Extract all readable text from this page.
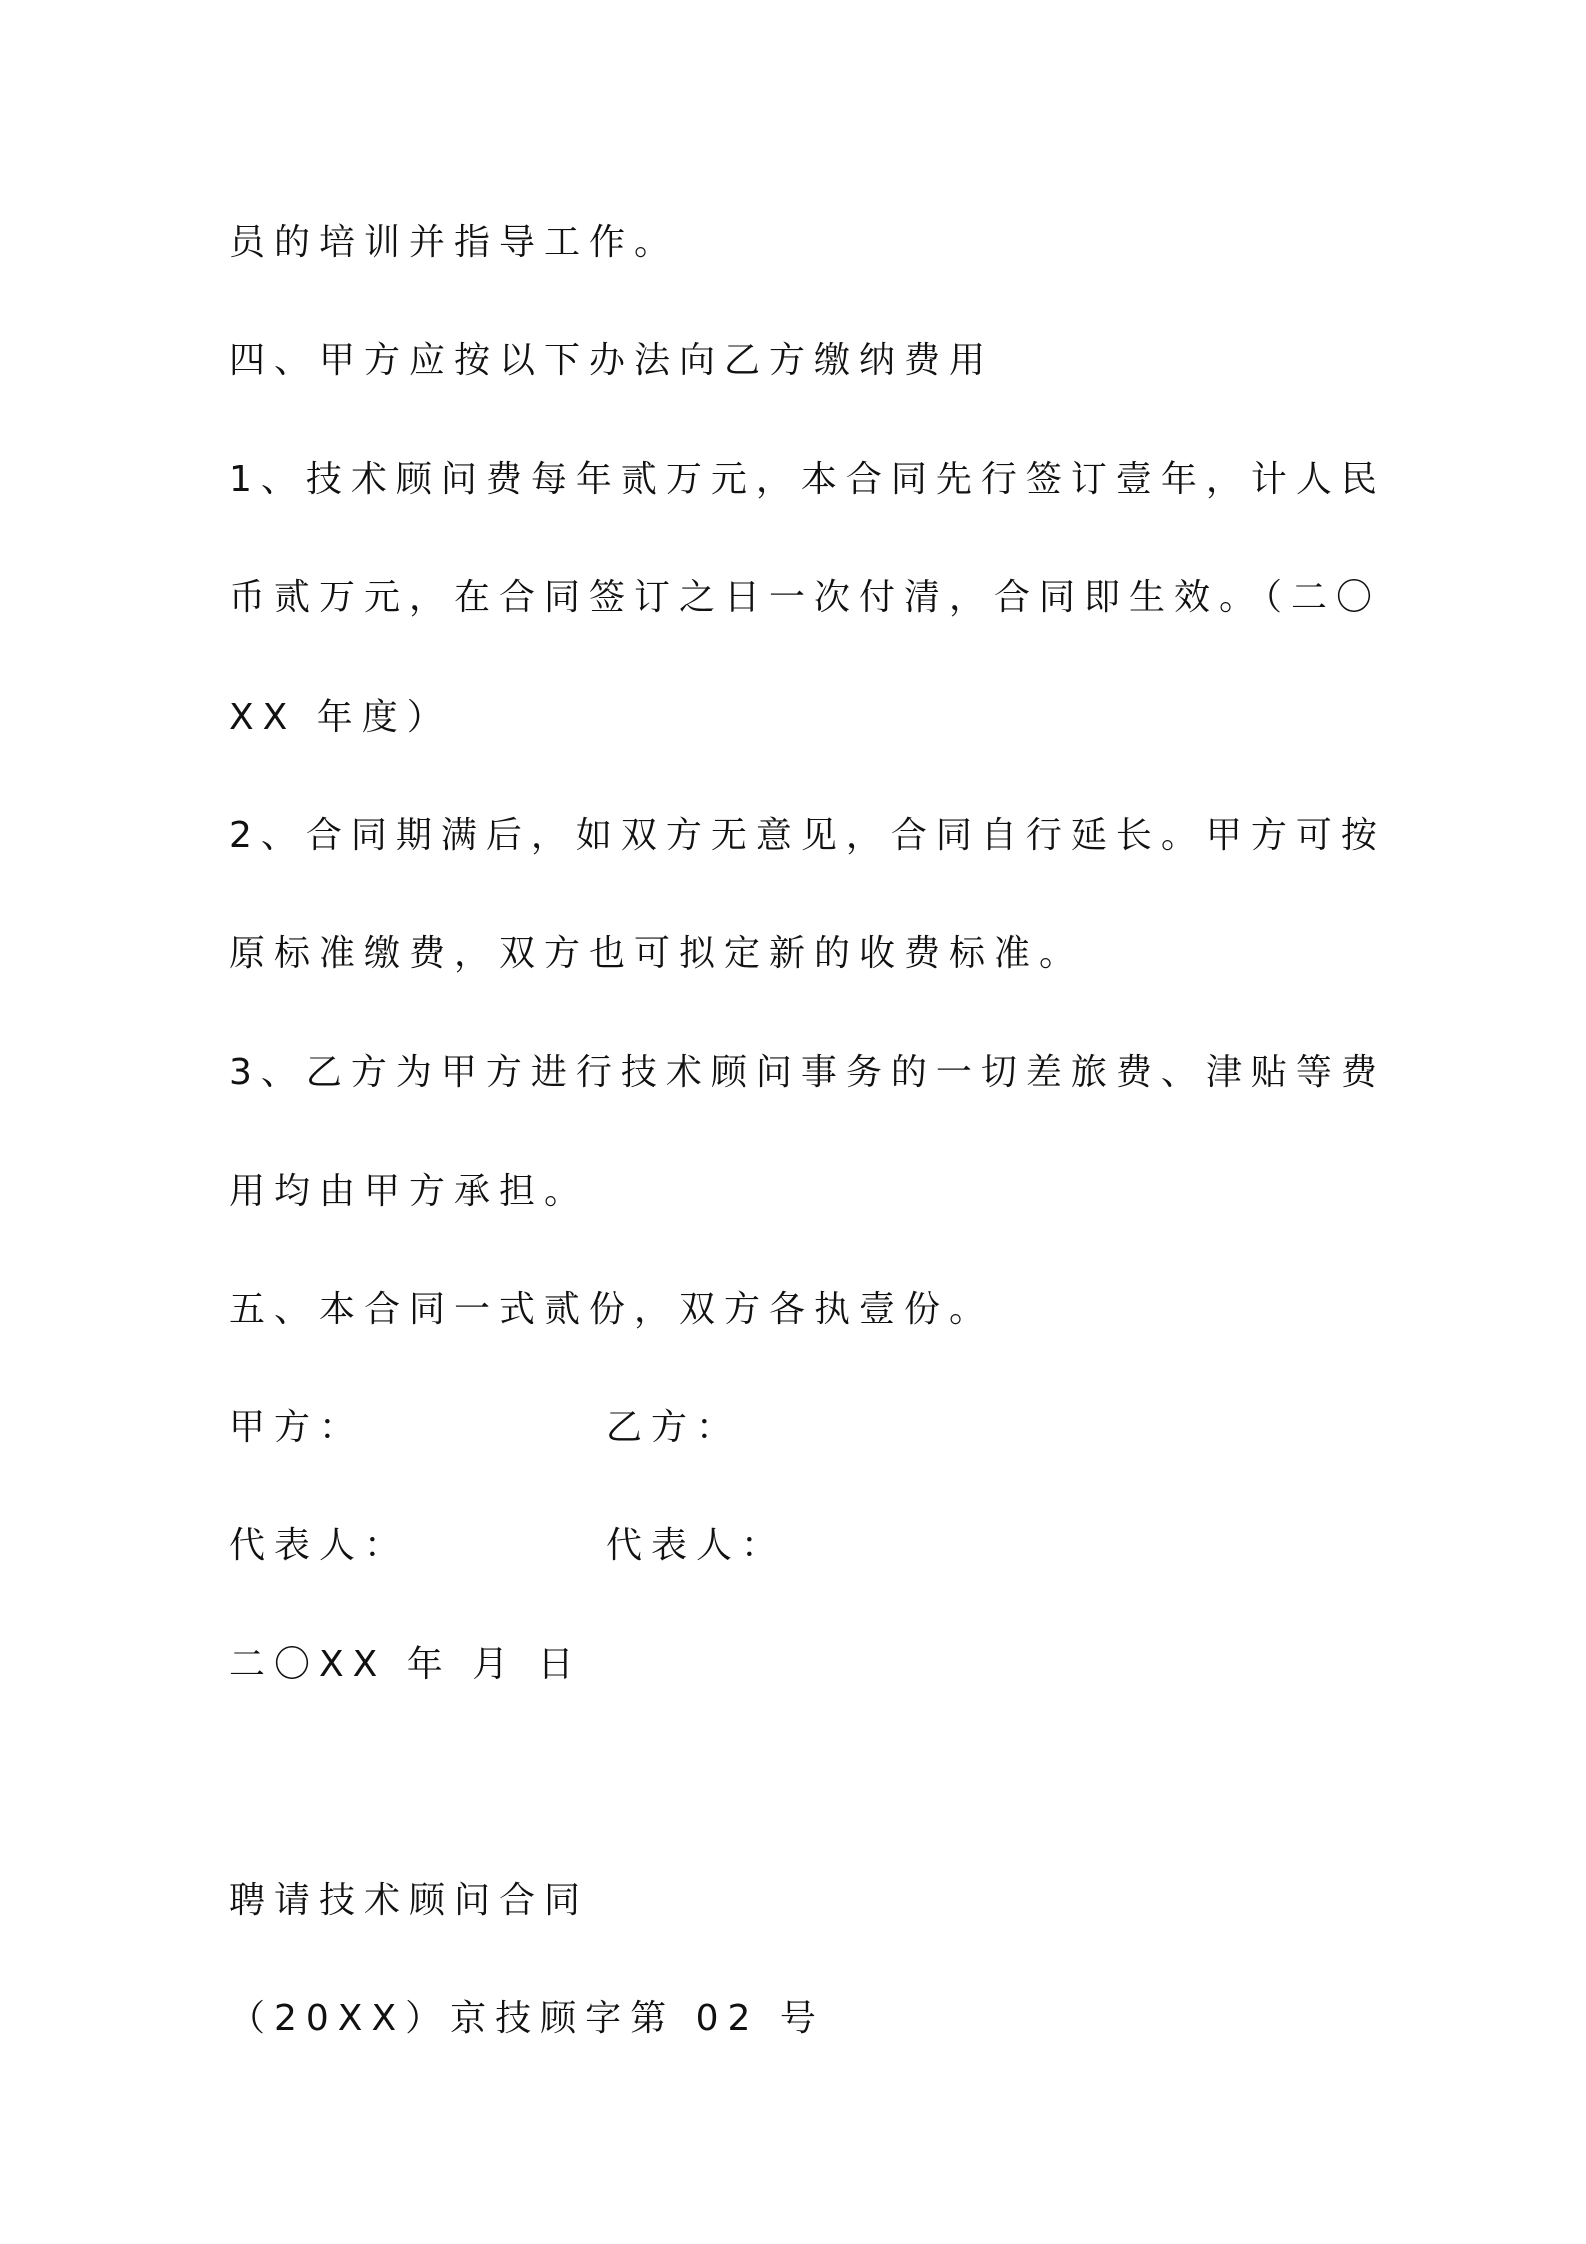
员的培训并指导工作。
四、甲方应按以下办法向乙方缴纳费用
1、技术顾问费每年贰万元，本合同先行签订壹年，计人民
币贰万元，在合同签订之日一次付清，合同即生效。（二〇
XX 年度）
2、合同期满后，如双方无意见，合同自行延长。甲方可按
原标准缴费，双方也可拟定新的收费标准。
3、乙方为甲方进行技术顾问事务的一切差旅费、津贴等费
用均由甲方承担。
五、本合同一式贰份，双方各执壹份。
甲方：	乙方：
代表人：	代表人：
二〇XX 年 月 日
聘请技术顾问合同
（20XX）京技顾字第 02 号
